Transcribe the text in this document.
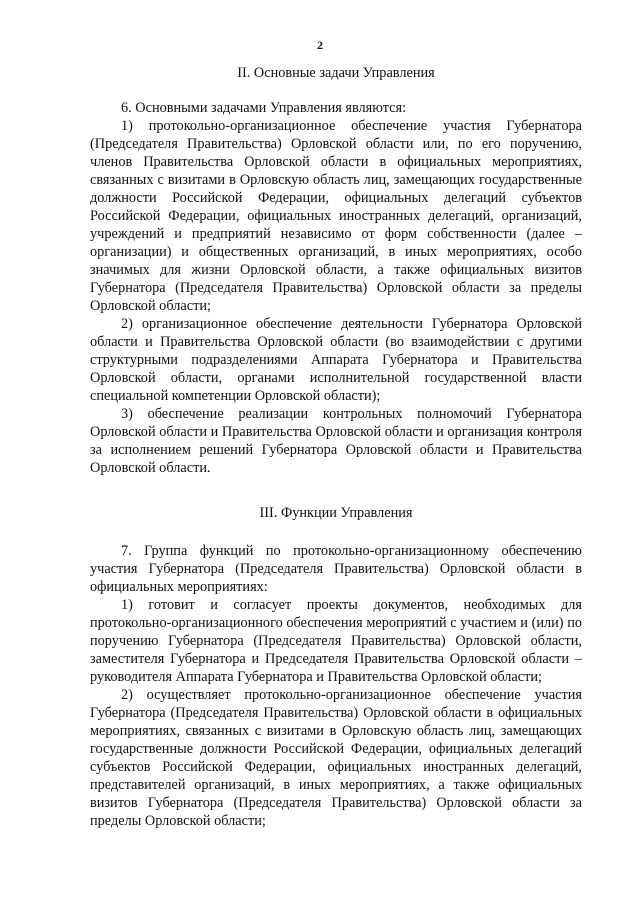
2

II. Основные задачи Управления

6. Основными задачами Управления являются:

1) протокольно-организационное обеспечение участия Губернатора (Председателя Правительства) Орловской области или, по его поручению, членов Правительства Орловской области в официальных мероприятиях, связанных с визитами в Орловскую область лиц, замещающих государственные должности Российской Федерации, официальных делегаций субъектов Российской Федерации, официальных иностранных делегаций, организаций, учреждений и предприятий независимо от форм собственности (далее – организации) и общественных организаций, в иных мероприятиях, особо значимых для жизни Орловской области, а также официальных визитов Губернатора (Председателя Правительства) Орловской области за пределы Орловской области;
2) организационное обеспечение деятельности Губернатора Орловской области и Правительства Орловской области (во взаимодействии с другими структурными подразделениями Аппарата Губернатора и Правительства Орловской области, органами исполнительной государственной власти специальной компетенции Орловской области);
3) обеспечение реализации контрольных полномочий Губернатора Орловской области и Правительства Орловской области и организация контроля за исполнением решений Губернатора Орловской области и Правительства Орловской области.

III. Функции Управления

7. Группа функций по протокольно-организационному обеспечению участия Губернатора (Председателя Правительства) Орловской области в официальных мероприятиях:

1) готовит и согласует проекты документов, необходимых для протокольно-организационного обеспечения мероприятий с участием и (или) по поручению Губернатора (Председателя Правительства) Орловской области, заместителя Губернатора и Председателя Правительства Орловской области – руководителя Аппарата Губернатора и Правительства Орловской области;
2) осуществляет протокольно-организационное обеспечение участия Губернатора (Председателя Правительства) Орловской области в официальных мероприятиях, связанных с визитами в Орловскую область лиц, замещающих государственные должности Российской Федерации, официальных делегаций субъектов Российской Федерации, официальных иностранных делегаций, представителей организаций, в иных мероприятиях, а также официальных визитов Губернатора (Председателя Правительства) Орловской области за пределы Орловской области;
